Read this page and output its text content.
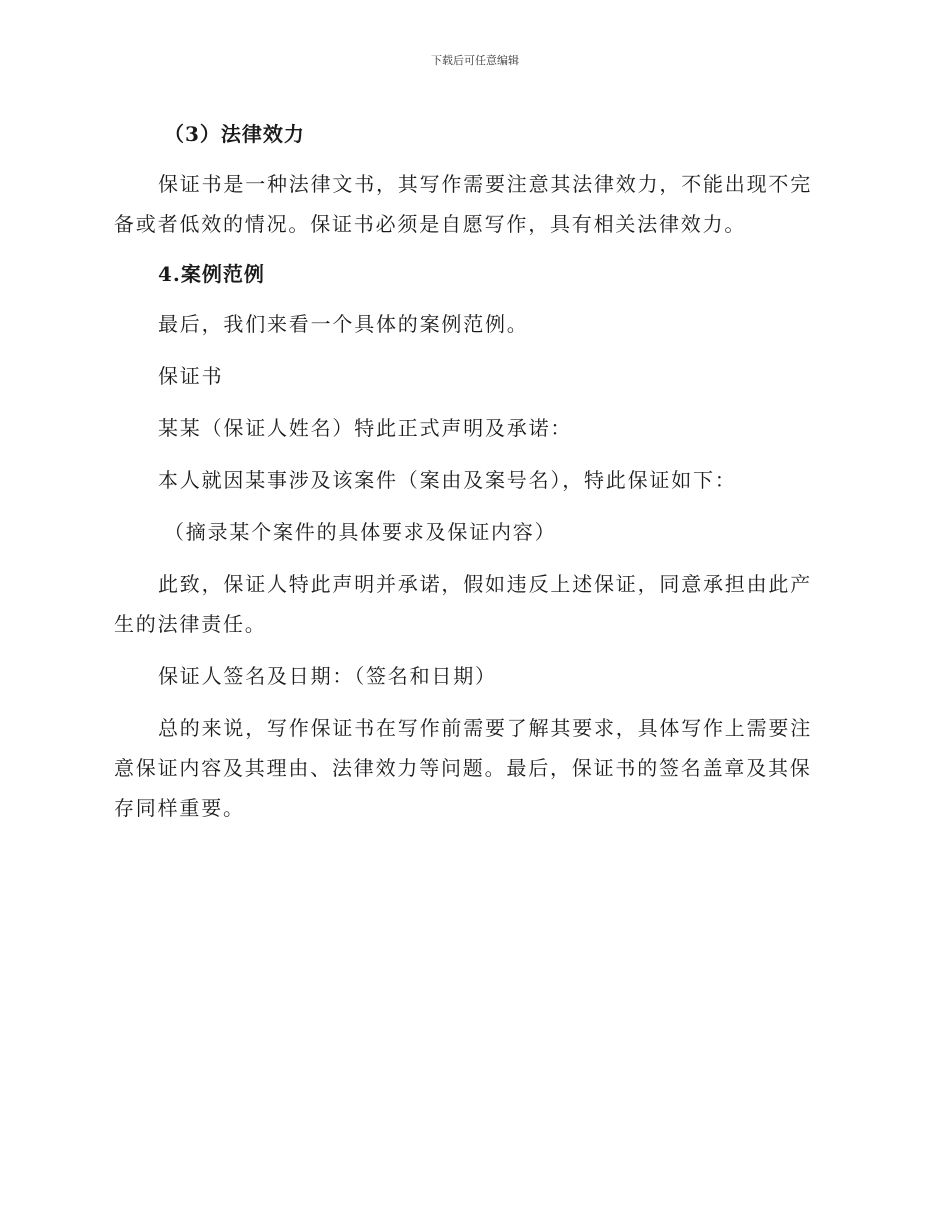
下载后可任意编辑

（3）法律效力

保证书是一种法律文书，其写作需要注意其法律效力，不能出现不完备或者低效的情况。保证书必须是自愿写作，具有相关法律效力。

4.案例范例

最后，我们来看一个具体的案例范例。

保证书

某某（保证人姓名）特此正式声明及承诺：

本人就因某事涉及该案件（案由及案号名），特此保证如下：

（摘录某个案件的具体要求及保证内容）

此致，保证人特此声明并承诺，假如违反上述保证，同意承担由此产生的法律责任。

保证人签名及日期：（签名和日期）

总的来说，写作保证书在写作前需要了解其要求，具体写作上需要注意保证内容及其理由、法律效力等问题。最后，保证书的签名盖章及其保存同样重要。
